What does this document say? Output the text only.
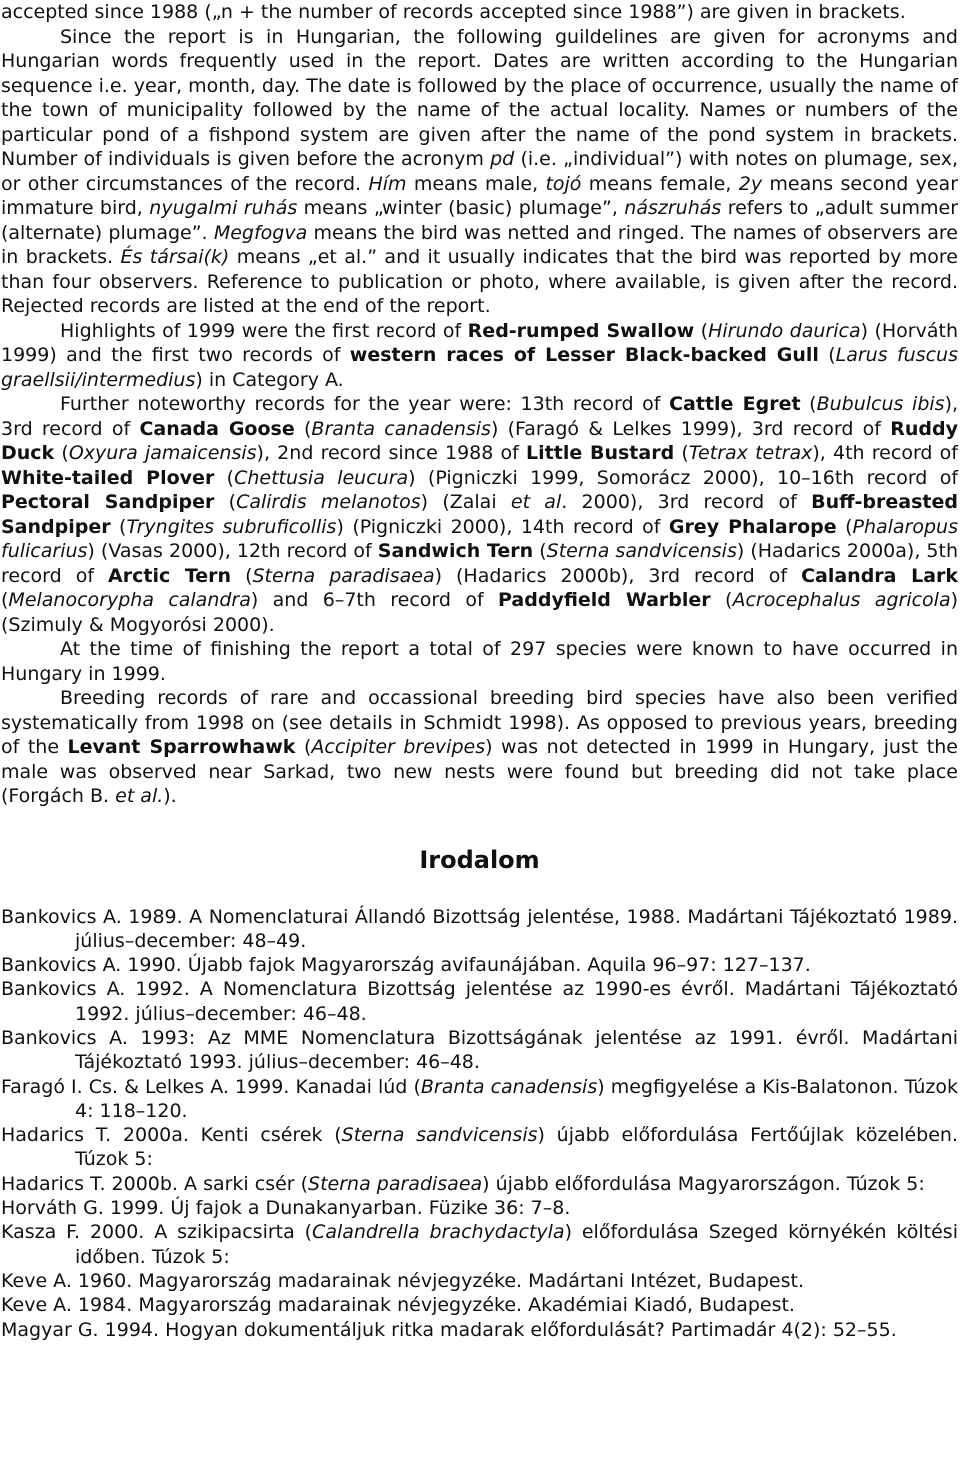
accepted since 1988 („n + the number of records accepted since 1988”) are given in brackets.

Since the report is in Hungarian, the following guildelines are given for acronyms and Hungarian words frequently used in the report. Dates are written according to the Hungarian sequence i.e. year, month, day. The date is followed by the place of occurrence, usually the name of the town of municipality followed by the name of the actual locality. Names or numbers of the particular pond of a fishpond system are given after the name of the pond system in brackets. Number of individuals is given before the acronym pd (i.e. „individual”) with notes on plumage, sex, or other circumstances of the record. Hím means male, tojó means female, 2y means second year immature bird, nyugalmi ruhás means „winter (basic) plumage”, nászruhás refers to „adult summer (alternate) plumage”. Megfogva means the bird was netted and ringed. The names of observers are in brackets. És társai(k) means „et al.” and it usually indicates that the bird was reported by more than four observers. Reference to publication or photo, where available, is given after the record. Rejected records are listed at the end of the report.

Highlights of 1999 were the first record of Red-rumped Swallow (Hirundo daurica) (Horváth 1999) and the first two records of western races of Lesser Black-backed Gull (Larus fuscus graellsii/intermedius) in Category A.

Further noteworthy records for the year were: 13th record of Cattle Egret (Bubulcus ibis), 3rd record of Canada Goose (Branta canadensis) (Faragó & Lelkes 1999), 3rd record of Ruddy Duck (Oxyura jamaicensis), 2nd record since 1988 of Little Bustard (Tetrax tetrax), 4th record of White-tailed Plover (Chettusia leucura) (Pigniczki 1999, Somorácz 2000), 10–16th record of Pectoral Sandpiper (Calirdis melanotos) (Zalai et al. 2000), 3rd record of Buff-breasted Sandpiper (Tryngites subruficollis) (Pigniczki 2000), 14th record of Grey Phalarope (Phalaropus fulicarius) (Vasas 2000), 12th record of Sandwich Tern (Sterna sandvicensis) (Hadarics 2000a), 5th record of Arctic Tern (Sterna paradisaea) (Hadarics 2000b), 3rd record of Calandra Lark (Melanocorypha calandra) and 6–7th record of Paddyfield Warbler (Acrocephalus agricola) (Szimuly & Mogyorósi 2000).

At the time of finishing the report a total of 297 species were known to have occurred in Hungary in 1999.

Breeding records of rare and occassional breeding bird species have also been verified systematically from 1998 on (see details in Schmidt 1998). As opposed to previous years, breeding of the Levant Sparrowhawk (Accipiter brevipes) was not detected in 1999 in Hungary, just the male was observed near Sarkad, two new nests were found but breeding did not take place (Forgách B. et al.).

Irodalom

Bankovics A. 1989. A Nomenclaturai Állandó Bizottság jelentése, 1988. Madártani Tájékoztató 1989. július–december: 48–49.

Bankovics A. 1990. Újabb fajok Magyarország avifaunájában. Aquila 96–97: 127–137.

Bankovics A. 1992. A Nomenclatura Bizottság jelentése az 1990-es évről. Madártani Tájékoztató 1992. július–december: 46–48.

Bankovics A. 1993: Az MME Nomenclatura Bizottságának jelentése az 1991. évről. Madártani Tájékoztató 1993. július–december: 46–48.

Faragó I. Cs. & Lelkes A. 1999. Kanadai lúd (Branta canadensis) megfigyelése a Kis-Balatonon. Túzok 4: 118–120.

Hadarics T. 2000a. Kenti csérek (Sterna sandvicensis) újabb előfordulása Fertőújlak közelében. Túzok 5:

Hadarics T. 2000b. A sarki csér (Sterna paradisaea) újabb előfordulása Magyarországon. Túzok 5:

Horváth G. 1999. Új fajok a Dunakanyarban. Füzike 36: 7–8.

Kasza F. 2000. A szikipacsirta (Calandrella brachydactyla) előfordulása Szeged környékén költési időben. Túzok 5:

Keve A. 1960. Magyarország madarainak névjegyzéke. Madártani Intézet, Budapest.

Keve A. 1984. Magyarország madarainak névjegyzéke. Akadémiai Kiadó, Budapest.

Magyar G. 1994. Hogyan dokumentáljuk ritka madarak előfordulását? Partimadár 4(2): 52–55.
